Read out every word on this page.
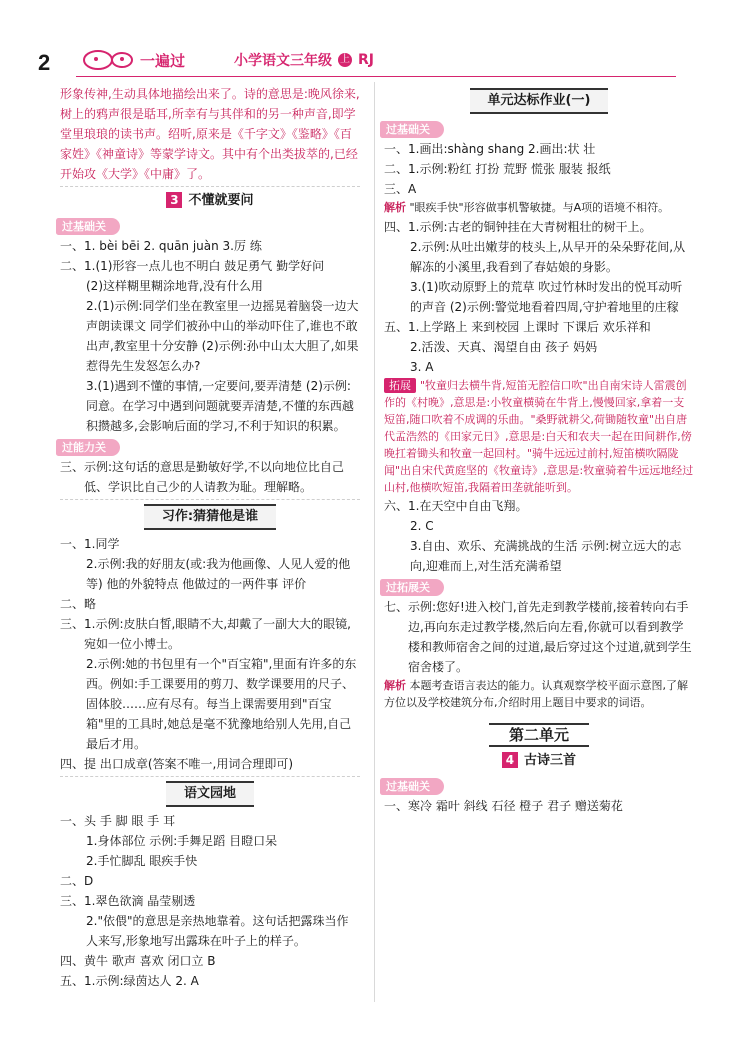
2	一遍过	小学语文三年级 上 RJ
形象传神,生动具体地描绘出来了。诗的意思是:晚风徐来,树上的鸦声很是聒耳,所幸有与其伴和的另一种声音,即学堂里琅琅的读书声。绍听,原来是《千字文》《鉴略》《百家姓》《神童诗》等蒙学诗文。其中有个出类拔萃的,已经开始攻《大学》《中庸》了。
3 不懂就要问
过基础关
一、 1. bèi bēi 2. quān juàn 3.厉 练
二、 1.(1)形容一点儿也不明白 鼓足勇气 勤学好问
(2)这样糊里糊涂地背,没有什么用
2.(1)示例:同学们坐在教室里一边摇晃着脑袋一边大声朗读课文 同学们被孙中山的举动吓住了,谁也不敢出声,教室里十分安静 (2)示例:孙中山太大胆了,如果惹得先生发怒怎么办?
3.(1)遇到不懂的事情,一定要问,要弄清楚 (2)示例:同意。在学习中遇到问题就要弄清楚,不懂的东西越积攒越多,会影响后面的学习,不利于知识的积累。
过能力关
三、 示例:这句话的意思是勤敏好学,不以向地位比自己低、学识比自己少的人请教为耻。理解略。
习作:猜猜他是谁
一、 1.同学
2.示例:我的好朋友(或:我为他画像、人见人爱的他等) 他的外貌特点 他做过的一两件事 评价
二、 略
三、 1.示例:皮肤白皙,眼睛不大,却戴了一副大大的眼镜,宛如一位小博士。
2.示例:她的书包里有一个"百宝箱",里面有许多的东西。例如:手工课要用的剪刀、数学课要用的尺子、固体胶……应有尽有。每当上课需要用到"百宝箱"里的工具时,她总是毫不犹豫地给别人先用,自己最后才用。
四、 提 出口成章(答案不唯一,用词合理即可)
语文园地
一、 头 手 脚 眼 手 耳
1.身体部位 示例:手舞足蹈 目瞪口呆
2.手忙脚乱 眼疾手快
二、 D
三、 1.翠色欲滴 晶莹剔透
2."依偎"的意思是亲热地靠着。这句话把露珠当作人来写,形象地写出露珠在叶子上的样子。
四、 黄牛 歌声 喜欢 闭口立 B
五、 1.示例:绿茵达人 2. A
单元达标作业(一)
过基础关
一、 1.画出:shàng shang 2.画出:状 壮
二、 1.示例:粉红 打扮 荒野 慌张 服装 报纸
三、 A
解析 "眼疾手快"形容做事机警敏捷。与A项的语境不相符。
四、 1.示例:古老的铜钟挂在大青树粗壮的树干上。
2.示例:从吐出嫩芽的枝头上,从早开的朵朵野花间,从解冻的小溪里,我看到了春姑娘的身影。
3.(1)吹动原野上的荒草 吹过竹林时发出的悦耳动听的声音 (2)示例:警觉地看着四周,守护着地里的庄稼
五、 1.上学路上 来到校园 上课时 下课后 欢乐祥和
2.活泼、天真、渴望自由 孩子 妈妈
3. A
拓展 "牧童归去横牛背,短笛无腔信口吹"出自南宋诗人雷震创作的《村晚》,意思是:小牧童横骑在牛背上,慢慢回家,拿着一支短笛,随口吹着不成调的乐曲。"桑野就耕父,荷锄随牧童"出自唐代孟浩然的《田家元日》,意思是:白天和农夫一起在田间耕作,傍晚扛着锄头和牧童一起回村。"骑牛远远过前村,短笛横吹隔陇闻"出自宋代黄庭坚的《牧童诗》,意思是:牧童骑着牛远远地经过山村,他横吹短笛,我隔着田垄就能听到。
六、 1.在天空中自由飞翔。
2. C
3.自由、欢乐、充满挑战的生活 示例:树立远大的志向,迎难而上,对生活充满希望
过拓展关
七、 示例:您好!进入校门,首先走到教学楼前,接着转向右手边,再向东走过教学楼,然后向左看,你就可以看到教学楼和教师宿舍之间的过道,最后穿过这个过道,就到学生宿舍楼了。
解析 本题考查语言表达的能力。认真观察学校平面示意图,了解方位以及学校建筑分布,介绍时用上题目中要求的词语。
第二单元
4 古诗三首
过基础关
一、 寒冷 霜叶 斜线 石径 橙子 君子 赠送菊花
